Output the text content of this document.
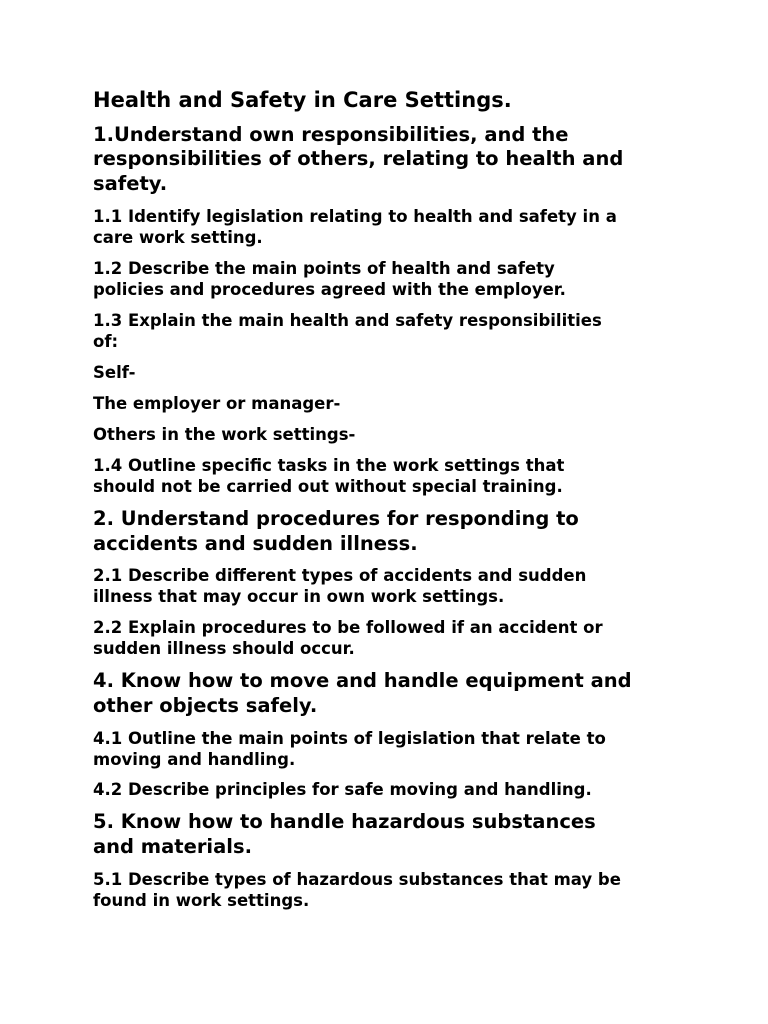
Health and Safety in Care Settings.

1.Understand own responsibilities, and the

responsibilities of others, relating to health and

safety.

1.1 Identify legislation relating to health and safety in a

care work setting.

1.2 Describe the main points of health and safety

policies and procedures agreed with the employer.

1.3 Explain the main health and safety responsibilities

of:

Self-

The employer or manager-

Others in the work settings-

1.4 Outline specific tasks in the work settings that

should not be carried out without special training.

2. Understand procedures for responding to

accidents and sudden illness.

2.1 Describe different types of accidents and sudden

illness that may occur in own work settings.

2.2 Explain procedures to be followed if an accident or

sudden illness should occur.

4. Know how to move and handle equipment and

other objects safely.

4.1 Outline the main points of legislation that relate to

moving and handling.

4.2 Describe principles for safe moving and handling.

5. Know how to handle hazardous substances

and materials.

5.1 Describe types of hazardous substances that may be

found in work settings.
